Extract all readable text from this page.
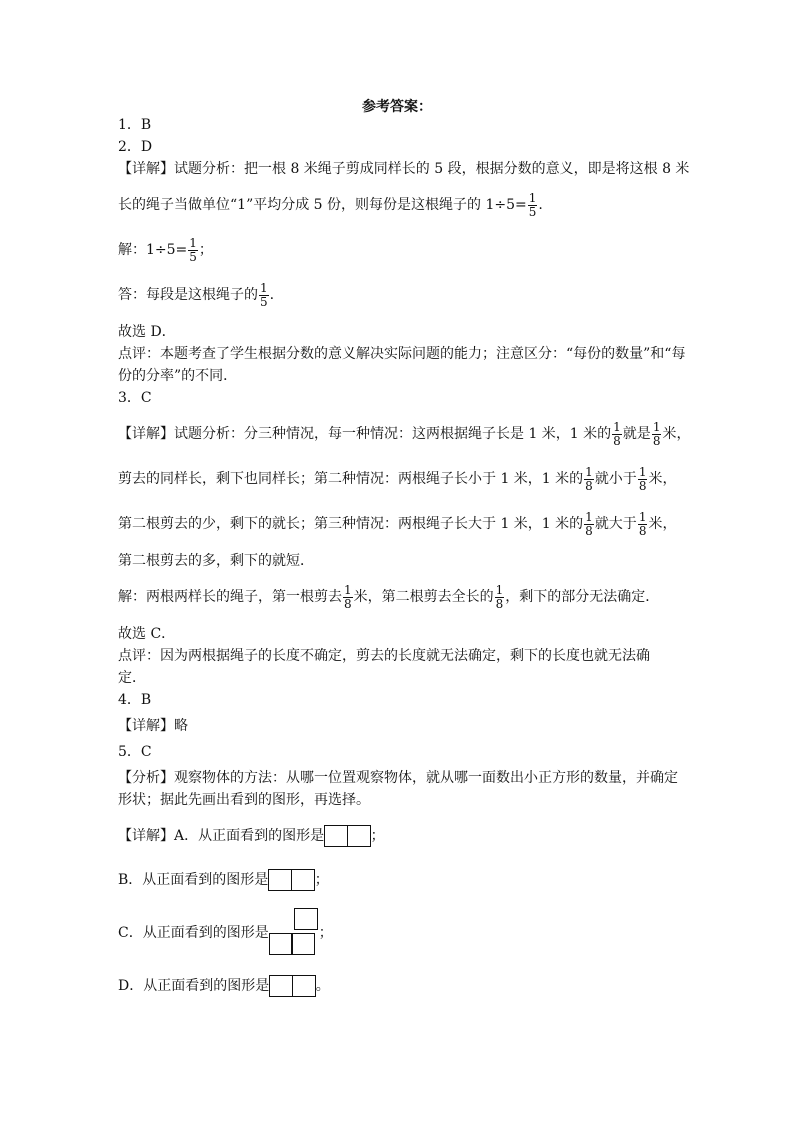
参考答案：
1．B
2．D
【详解】试题分析：把一根 8 米绳子剪成同样长的 5 段，根据分数的意义，即是将这根 8 米
长的绳子当做单位“1”平均分成 5 份，则每份是这根绳子的 $1\div 5= \frac{1}{5}$ .
解：$1\div 5= \frac{1}{5}$ ；
答：每段是这根绳子的 $\frac{1}{5}$ .
故选 D．
点评：本题考查了学生根据分数的意义解决实际问题的能力；注意区分：“每份的数量”和“每
份的分率”的不同．
3．C
【详解】试题分析：分三种情况，每一种情况：这两根据绳子长是 1 米，1 米的 $\frac{1}{8}$ 就是 $\frac{1}{8}$ 米，
剪去的同样长，剩下也同样长；第二种情况：两根绳子长小于 1 米，1 米的 $\frac{1}{8}$ 就小于 $\frac{1}{8}$ 米，
第二根剪去的少，剩下的就长；第三种情况：两根绳子长大于 1 米，1 米的 $\frac{1}{8}$ 就大于 $\frac{1}{8}$ 米，
第二根剪去的多，剩下的就短．
解：两根两样长的绳子，第一根剪去 $\frac{1}{8}$ 米，第二根剪去全长的 $\frac{1}{8}$ ，剩下的部分无法确定．
故选 C．
点评：因为两根据绳子的长度不确定，剪去的长度就无法确定，剩下的长度也就无法确
定．
4．B
【详解】略
5．C
【分析】观察物体的方法：从哪一位置观察物体，就从哪一面数出小正方形的数量，并确定
形状；据此先画出看到的图形，再选择。
【详解】A．从正面看到的图形是	；
B．从正面看到的图形是	；
C．从正面看到的图形是	；
D．从正面看到的图形是	。
